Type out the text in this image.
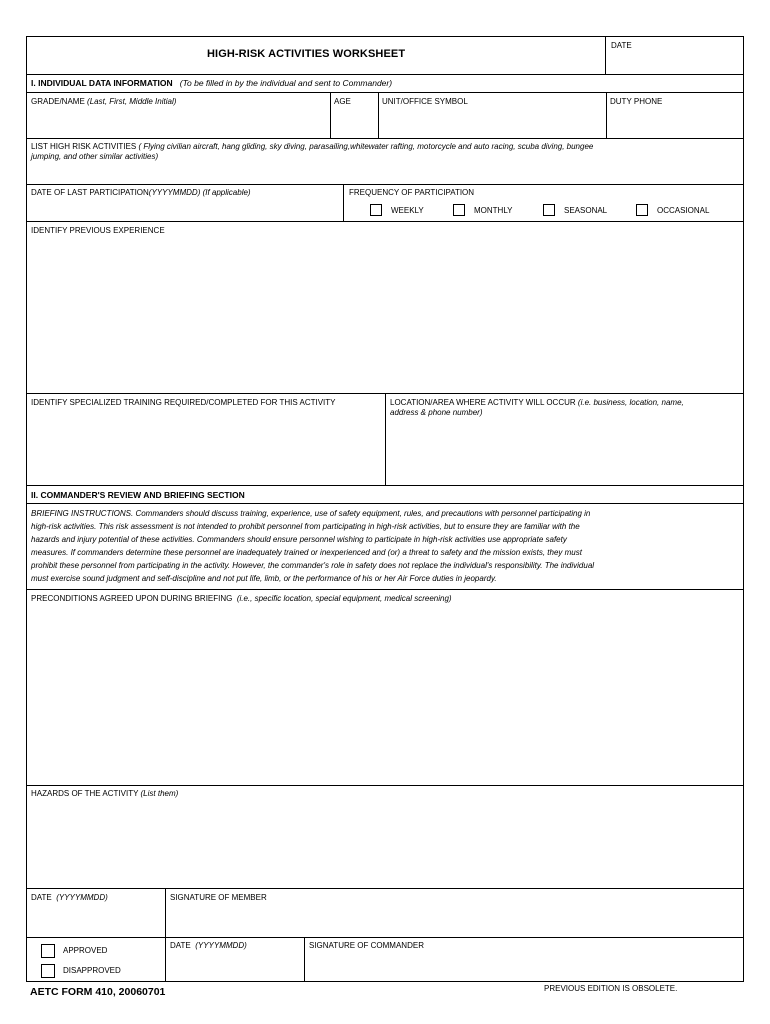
HIGH-RISK ACTIVITIES WORKSHEET
DATE
I. INDIVIDUAL DATA INFORMATION (To be filled in by the individual and sent to Commander)
GRADE/NAME (Last, First, Middle Initial)	AGE	UNIT/OFFICE SYMBOL	DUTY PHONE
LIST HIGH RISK ACTIVITIES ( Flying civilian aircraft, hang gliding, sky diving, parasailing,whitewater rafting, motorcycle and auto racing, scuba diving, bungee
jumping, and other similar activities)
DATE OF LAST PARTICIPATION(YYYYMMDD) (If applicable)	FREQUENCY OF PARTICIPATION
WEEKLY	MONTHLY	SEASONAL	OCCASIONAL
IDENTIFY PREVIOUS EXPERIENCE
IDENTIFY SPECIALIZED TRAINING REQUIRED/COMPLETED FOR THIS ACTIVITY	LOCATION/AREA WHERE ACTIVITY WILL OCCUR (i.e. business, location, name,
address & phone number)
II. COMMANDER'S REVIEW AND BRIEFING SECTION
BRIEFING INSTRUCTIONS. Commanders should discuss training, experience, use of safety equipment, rules, and precautions with personnel participating in
high-risk activities. This risk assessment is not intended to prohibit personnel from participating in high-risk activities, but to ensure they are familiar with the
hazards and injury potential of these activities. Commanders should ensure personnel wishing to participate in high-risk activities use appropriate safety
measures. If commanders determine these personnel are inadequately trained or inexperienced and (or) a threat to safety and the mission exists, they must
prohibit these personnel from participating in the activity. However, the commander's role in safety does not replace the individual's responsibility. The individual
must exercise sound judgment and self-discipline and not put life, limb, or the performance of his or her Air Force duties in jeopardy.
PRECONDITIONS AGREED UPON DURING BRIEFING (i.e., specific location, special equipment, medical screening)
HAZARDS OF THE ACTIVITY (List them)
DATE (YYYYMMDD)	SIGNATURE OF MEMBER
APPROVED
DISAPPROVED
DATE (YYYYMMDD)	SIGNATURE OF COMMANDER
AETC FORM 410, 20060701	PREVIOUS EDITION IS OBSOLETE.
